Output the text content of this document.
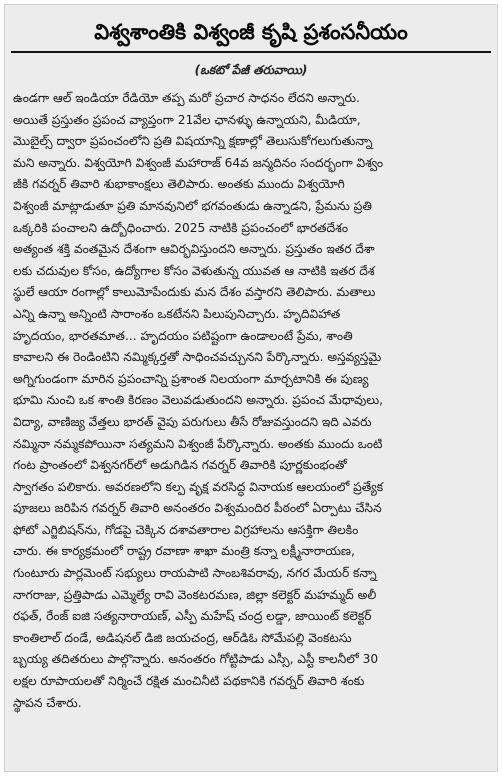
విశ్వశాంతికి విశ్వంజీ కృషి ప్రశంసనీయం
(ఒకటో పేజీ తరువాయి)
ఉండగా ఆల్ ఇండియా రేడియో తప్ప మరో ప్రచార సాధనం లేదని అన్నారు.
అయితే ప్రస్తుతం ప్రపంచ వ్యాప్తంగా 21వేల ఛానళ్ళు ఉన్నాయని, మీడియా,
మొబైల్స్ ద్వారా ప్రపంచంలోని ప్రతి విషయాన్ని క్షణాల్లో తెలుసుకోగలుగుతున్నా
మని అన్నారు. విశ్వయోగి విశ్వంజీ మహారాజ్ 64వ జన్మదినం సందర్భంగా విశ్వం
జీకి గవర్నర్ తివారి శుభాకాంక్షలు తెలిపారు. అంతకు ముందు విశ్వయోగి
విశ్వంజీ మాట్లాడుతూ ప్రతి మానవునిలో భగవంతుడు ఉన్నాడని, ప్రేమను ప్రతి
ఒక్కరికి పంచాలని ఉద్బోధించారు. 2025 నాటికి ప్రపంచంలో భారతదేశం
అత్యంత శక్తి వంతమైన దేశంగా ఆవిర్భవిస్తుందని అన్నారు. ప్రస్తుతం ఇతర దేశా
లకు చదువుల కోసం, ఉద్యోగాల కోసం వెళుతున్న యువత ఆ నాటికి ఇతర దేశ
స్థులే ఆయా రంగాల్లో కాలుమోపేందుకు మన దేశం వస్తారని తెలిపారు. మతాలు
ఎన్ని ఉన్నా అన్నింటి సారాంశం ఒకటేనని పిలుపునిచ్చారు. హృదివిహాత
హృదయం, భారతమాత... హృదయం పటిష్టంగా ఉండాలంటే ప్రేమ, శాంతి
కావాలని ఈ రెండింటిని నమ్మిక్కర్తతో సాధించవచ్చునని పేర్కొన్నారు. అస్తవ్యస్తమై
అగ్నిగుండంగా మారిన ప్రపంచాన్ని ప్రశాంత నిలయంగా మార్చటానికి ఈ పుణ్య
భూమి నుంచి ఒక శాంతి కిరణం వెలువడుతుందని అన్నారు. ప్రపంచ మేధావులు,
విద్యా, వాణిజ్య వేత్తలు భారత్ వైపు పరుగులు తీసే రోజువస్తుందని ఇది ఎవరు
నమ్మినా నమ్మకపోయినా సత్యమని విశ్వంజీ పేర్కొన్నారు. అంతకు ముందు ఒంటి
గంట ప్రాంతంలో విశ్వనగర్‌లో అడుగిడిన గవర్నర్ తివారికి పూర్ణకుంభంతో
స్వాగతం పలికారు. అవరణలోని కల్ప వృక్ష వరసిద్ధ వినాయక ఆలయంలో ప్రత్యేక
పూజలు జరిపిన గవర్నర్ తివారి అనంతరం విశ్వమందిర పీఠంలో ఏర్పాటు చేసిన
ఫోటో ఎగ్జిబిషన్‌ను, గోడపై చెక్కిన దశావతారాల విగ్రహాలను ఆసక్తిగా తిలకిం
చారు. ఈ కార్యక్రమంలో రాష్ట్ర రవాణా శాఖా మంత్రి కన్నా లక్ష్మీనారాయణ,
గుంటూరు పార్లమెంట్ సభ్యులు రాయపాటి సాంబశివరావు, నగర మేయర్ కన్నా
నాగరాజు, ప్రత్తిపాడు ఎమ్మెల్యే రావి వెంకటరమణ, జిల్లా కలెక్టర్ మహమ్మద్ అలీ
రఫత్, రేంజ్ ఐజి సత్యనారాయణ్, ఎస్పీ మహేష్ చంద్ర లడ్డా, జాయింట్ కలెక్టర్
కాంతిలాల్ దండే, అడిషనల్ డిజి జయచంద్ర, ఆర్‌డిఓ సోమేపల్లి వెంకటసు
బ్బయ్య తదితరులు పాల్గొన్నారు. అనంతరం గోట్టిపాడు ఎస్సీ, ఎస్టీ కాలనీలో 30
లక్షల రూపాయలతో నిర్మించే రక్షిత మంచినీటి పథకానికి గవర్నర్ తివారి శంకు
స్థాపన చేశారు.
